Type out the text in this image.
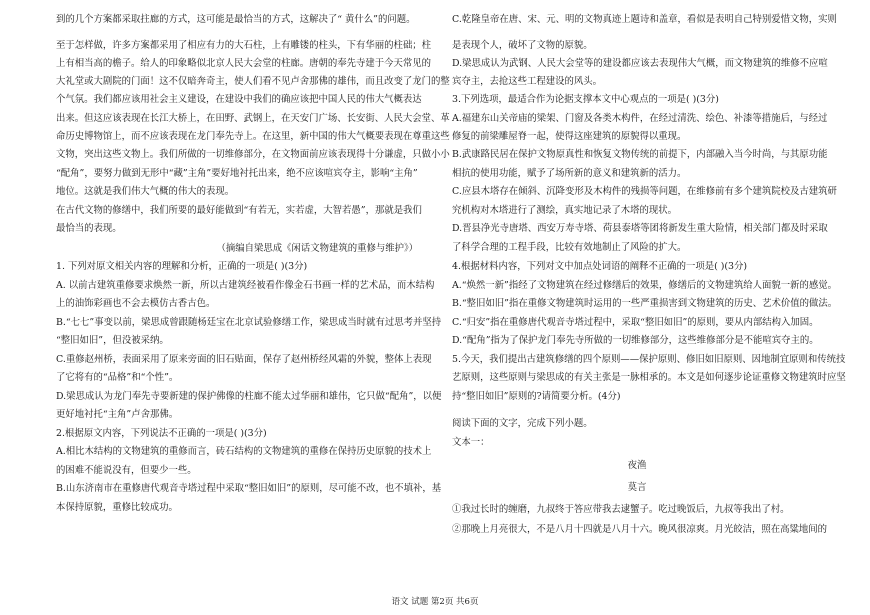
到的几个方案都采取拄廊的方式，这可能是最恰当的方式，这解决了“ 黄什么”的问题。

至于怎样做，许多方案都采用了相应有力的大石柱，上有雕镂的柱头，下有华丽的柱础；柱

上有相当高的檐子。给人的印象略似北京人民大会堂的柱廊。唐朝的奉先寺建于今天常见的

大礼堂或大剧院的门面！这不仅暗奔奇主，使人们看不见卢舍那佛的雄伟，而且改变了龙门的整

个气氛。我们都应该用社会主义建设，在建设中我们的确应该把中国人民的伟大气概表达

出来。但这应该表现在长江大桥上，在田野、武钢上，在天安门广场、长安街、人民大会堂、革

命历史博物馆上，而不应该表现在龙门奉先寺上。在这里，新中国的伟大气概要表现在尊重这些

文物，突出这些文物上。我们所做的一切维修部分，在文物面前应该表现得十分谦虚，只做小小

“配角”，要努力做到无形中“藏”主角”要好地衬托出来，绝不应该喧宾夺主，影响“主角”

地位。这就是我们伟大气概的伟大的表现。

在古代文物的修缮中，我们所要的最好能做到“有若无，实若虚，大智若愚”，那就是我们

最恰当的表现。

（摘编自梁思成《闲话文物建筑的重修与维护》）

1. 下列对原文相关内容的理解和分析，正确的一项是( )(3分)

A. 以前古建筑重修要求焕然一新，所以古建筑经被看作像金石书画一样的艺术品，而木结构

上的油饰彩画也不会去模仿古香古色。

B.“七七”事变以前，梁思成曾跟随杨廷宝在北京试验修缮工作，梁思成当时就有过思考并坚持

“整旧如旧”，但没被采纳。

C.重修赵州桥，表面采用了原来旁面的旧石贴面，保存了赵州桥经风霜的外貌，整体上表现

了它将有的“品格”和“个性”。

D.梁思成认为龙门奉先寺要新建的保护佛像的柱廊不能太过华丽和雄伟，它只做“配角”，以便

更好地衬托“主角”卢舍那佛。

2.根据原文内容，下列说法不正确的一项是( )(3分)

A.相比木结构的文物建筑的重修而言，砖石结构的文物建筑的重修在保持历史原貌的技术上

的困难不能说没有，但要少一些。

B.山东济南市在重修唐代观音寺塔过程中采取“整旧如旧”的原则，尽可能不改，也不填补，基

本保持原貌，重修比较成功。

C.乾隆皇帝在唐、宋、元、明的文物真迹上题诗和盖章，看似是表明自己特别爱惜文物，实则

是表现个人，破坏了文物的原貌。

D.梁思成认为武钢、人民大会堂等的建设都应该去表现伟大气概，而文物建筑的维修不应喧

宾夺主，去抢这些工程建设的风头。

3.下列选项，最适合作为论据支撑本文中心观点的一项是( )(3分)

A.福建东山关帝庙的梁架、门窗及各类木构件，在经过清洗、绘色、补漆等措施后，与经过

修复的前梁雕屋脊一起，使得这座建筑的原貌得以重现。

B.武康路民居在保护文物原真性和恢复文物传统的前提下，内部融入当今时尚，与其原功能

相抗的使用功能，赋予了场所新的意义和建筑新的活力。

C.应县木塔存在倾斜、沉降变形及木构件的残损等问题，在维修前有多个建筑院校及古建筑研

究机构对木塔进行了测绘，真实地记录了木塔的现状。

D.晋县净光寺唐塔、西安万寿寺塔、荷县泰塔等团将新发生重大险情，相关部门都及时采取

了科学合理的工程手段，比较有效地制止了风险的扩大。

4.根据材料内容，下列对文中加点处词语的阐释不正确的一项是( )(3分)

A.“焕然一新”指经了文物建筑在经过修缮后的效果，修缮后的文物建筑给人面貌一新的感觉。

B.“整旧如旧”指在重修文物建筑时运用的一些严重损害到文物建筑的历史、艺术价值的做法。

C.“归安”指在重修唐代观音寺塔过程中，采取“整旧如旧”的原则，要从内部结构入加固。

D.“配角”指为了保护龙门奉先寺所做的一切维修部分，这些维修部分是不能喧宾夺主的。

5.今天，我们提出古建筑修缮的四个原则——保护原则、修旧如旧原则、因地制宜原则和传统技

艺原则，这些原则与梁思成的有关主张是一脉相承的。本文是如何逐步论证重修文物建筑时应坚

持“整旧如旧”原则的?请简要分析。(4分)

阅读下面的文字，完成下列小题。

文本一：

夜渔

莫言

①我过长时的缠磨，九叔终于答应带我去逮蟹子。吃过晚饭后，九叔等我出了村。

②那晚上月亮很大，不是八月十四就是八月十六。晚风很凉爽。月光皎洁，照在高粱地间的

语文 试题 第2页 共6页
